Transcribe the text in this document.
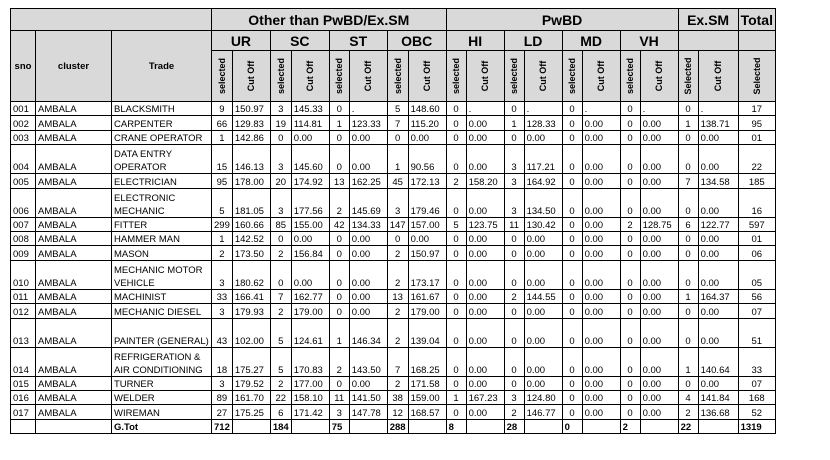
			Other than PwBD/Ex.SM								PwBD								Ex.SM		Total
sno	cluster	Trade	UR		SC		ST		OBC		HI		LD		MD		VH				

			selected	Cut Off	selected	Cut Off	selected	Cut Off	selected	Cut Off	selected	Cut Off	selected	Cut Off	selected	Cut Off	selected	Cut Off	Selected	Cut Off	Selected

001	AMBALA	BLACKSMITH	9	150.97	3	145.33	0	.	5	148.60	0	.	0	.	0	.	0	.	0	.	17
002	AMBALA	CARPENTER	66	129.83	19	114.81	1	123.33	7	115.20	0	0.00	1	128.33	0	0.00	0	0.00	1	138.71	95
003	AMBALA	CRANE OPERATOR	1	142.86	0	0.00	0	0.00	0	0.00	0	0.00	0	0.00	0	0.00	0	0.00	0	0.00	01
004	AMBALA	DATA ENTRY
OPERATOR	15	146.13	3	145.60	0	0.00	1	90.56	0	0.00	3	117.21	0	0.00	0	0.00	0	0.00	22
005	AMBALA	ELECTRICIAN	95	178.00	20	174.92	13	162.25	45	172.13	2	158.20	3	164.92	0	0.00	0	0.00	7	134.58	185
006	AMBALA	ELECTRONIC
MECHANIC	5	181.05	3	177.56	2	145.69	3	179.46	0	0.00	3	134.50	0	0.00	0	0.00	0	0.00	16
007	AMBALA	FITTER	299	160.66	85	155.00	42	134.33	147	157.00	5	123.75	11	130.42	0	0.00	2	128.75	6	122.77	597
008	AMBALA	HAMMER MAN	1	142.52	0	0.00	0	0.00	0	0.00	0	0.00	0	0.00	0	0.00	0	0.00	0	0.00	01
009	AMBALA	MASON	2	173.50	2	156.84	0	0.00	2	150.97	0	0.00	0	0.00	0	0.00	0	0.00	0	0.00	06
010	AMBALA	MECHANIC MOTOR
VEHICLE	3	180.62	0	0.00	0	0.00	2	173.17	0	0.00	0	0.00	0	0.00	0	0.00	0	0.00	05
011	AMBALA	MACHINIST	33	166.41	7	162.77	0	0.00	13	161.67	0	0.00	2	144.55	0	0.00	0	0.00	1	164.37	56
012	AMBALA	MECHANIC DIESEL	3	179.93	2	179.00	0	0.00	2	179.00	0	0.00	0	0.00	0	0.00	0	0.00	0	0.00	07
013	AMBALA	PAINTER (GENERAL)	43	102.00	5	124.61	1	146.34	2	139.04	0	0.00	0	0.00	0	0.00	0	0.00	0	0.00	51
014	AMBALA	REFRIGERATION &
AIR CONDITIONING	18	175.27	5	170.83	2	143.50	7	168.25	0	0.00	0	0.00	0	0.00	0	0.00	1	140.64	33
015	AMBALA	TURNER	3	179.52	2	177.00	0	0.00	2	171.58	0	0.00	0	0.00	0	0.00	0	0.00	0	0.00	07
016	AMBALA	WELDER	89	161.70	22	158.10	11	141.50	38	159.00	1	167.23	3	124.80	0	0.00	0	0.00	4	141.84	168
017	AMBALA	WIREMAN	27	175.25	6	171.42	3	147.78	12	168.57	0	0.00	2	146.77	0	0.00	0	0.00	2	136.68	52
		G.Tot	712		184		75		288		8		28		0		2		22		1319
